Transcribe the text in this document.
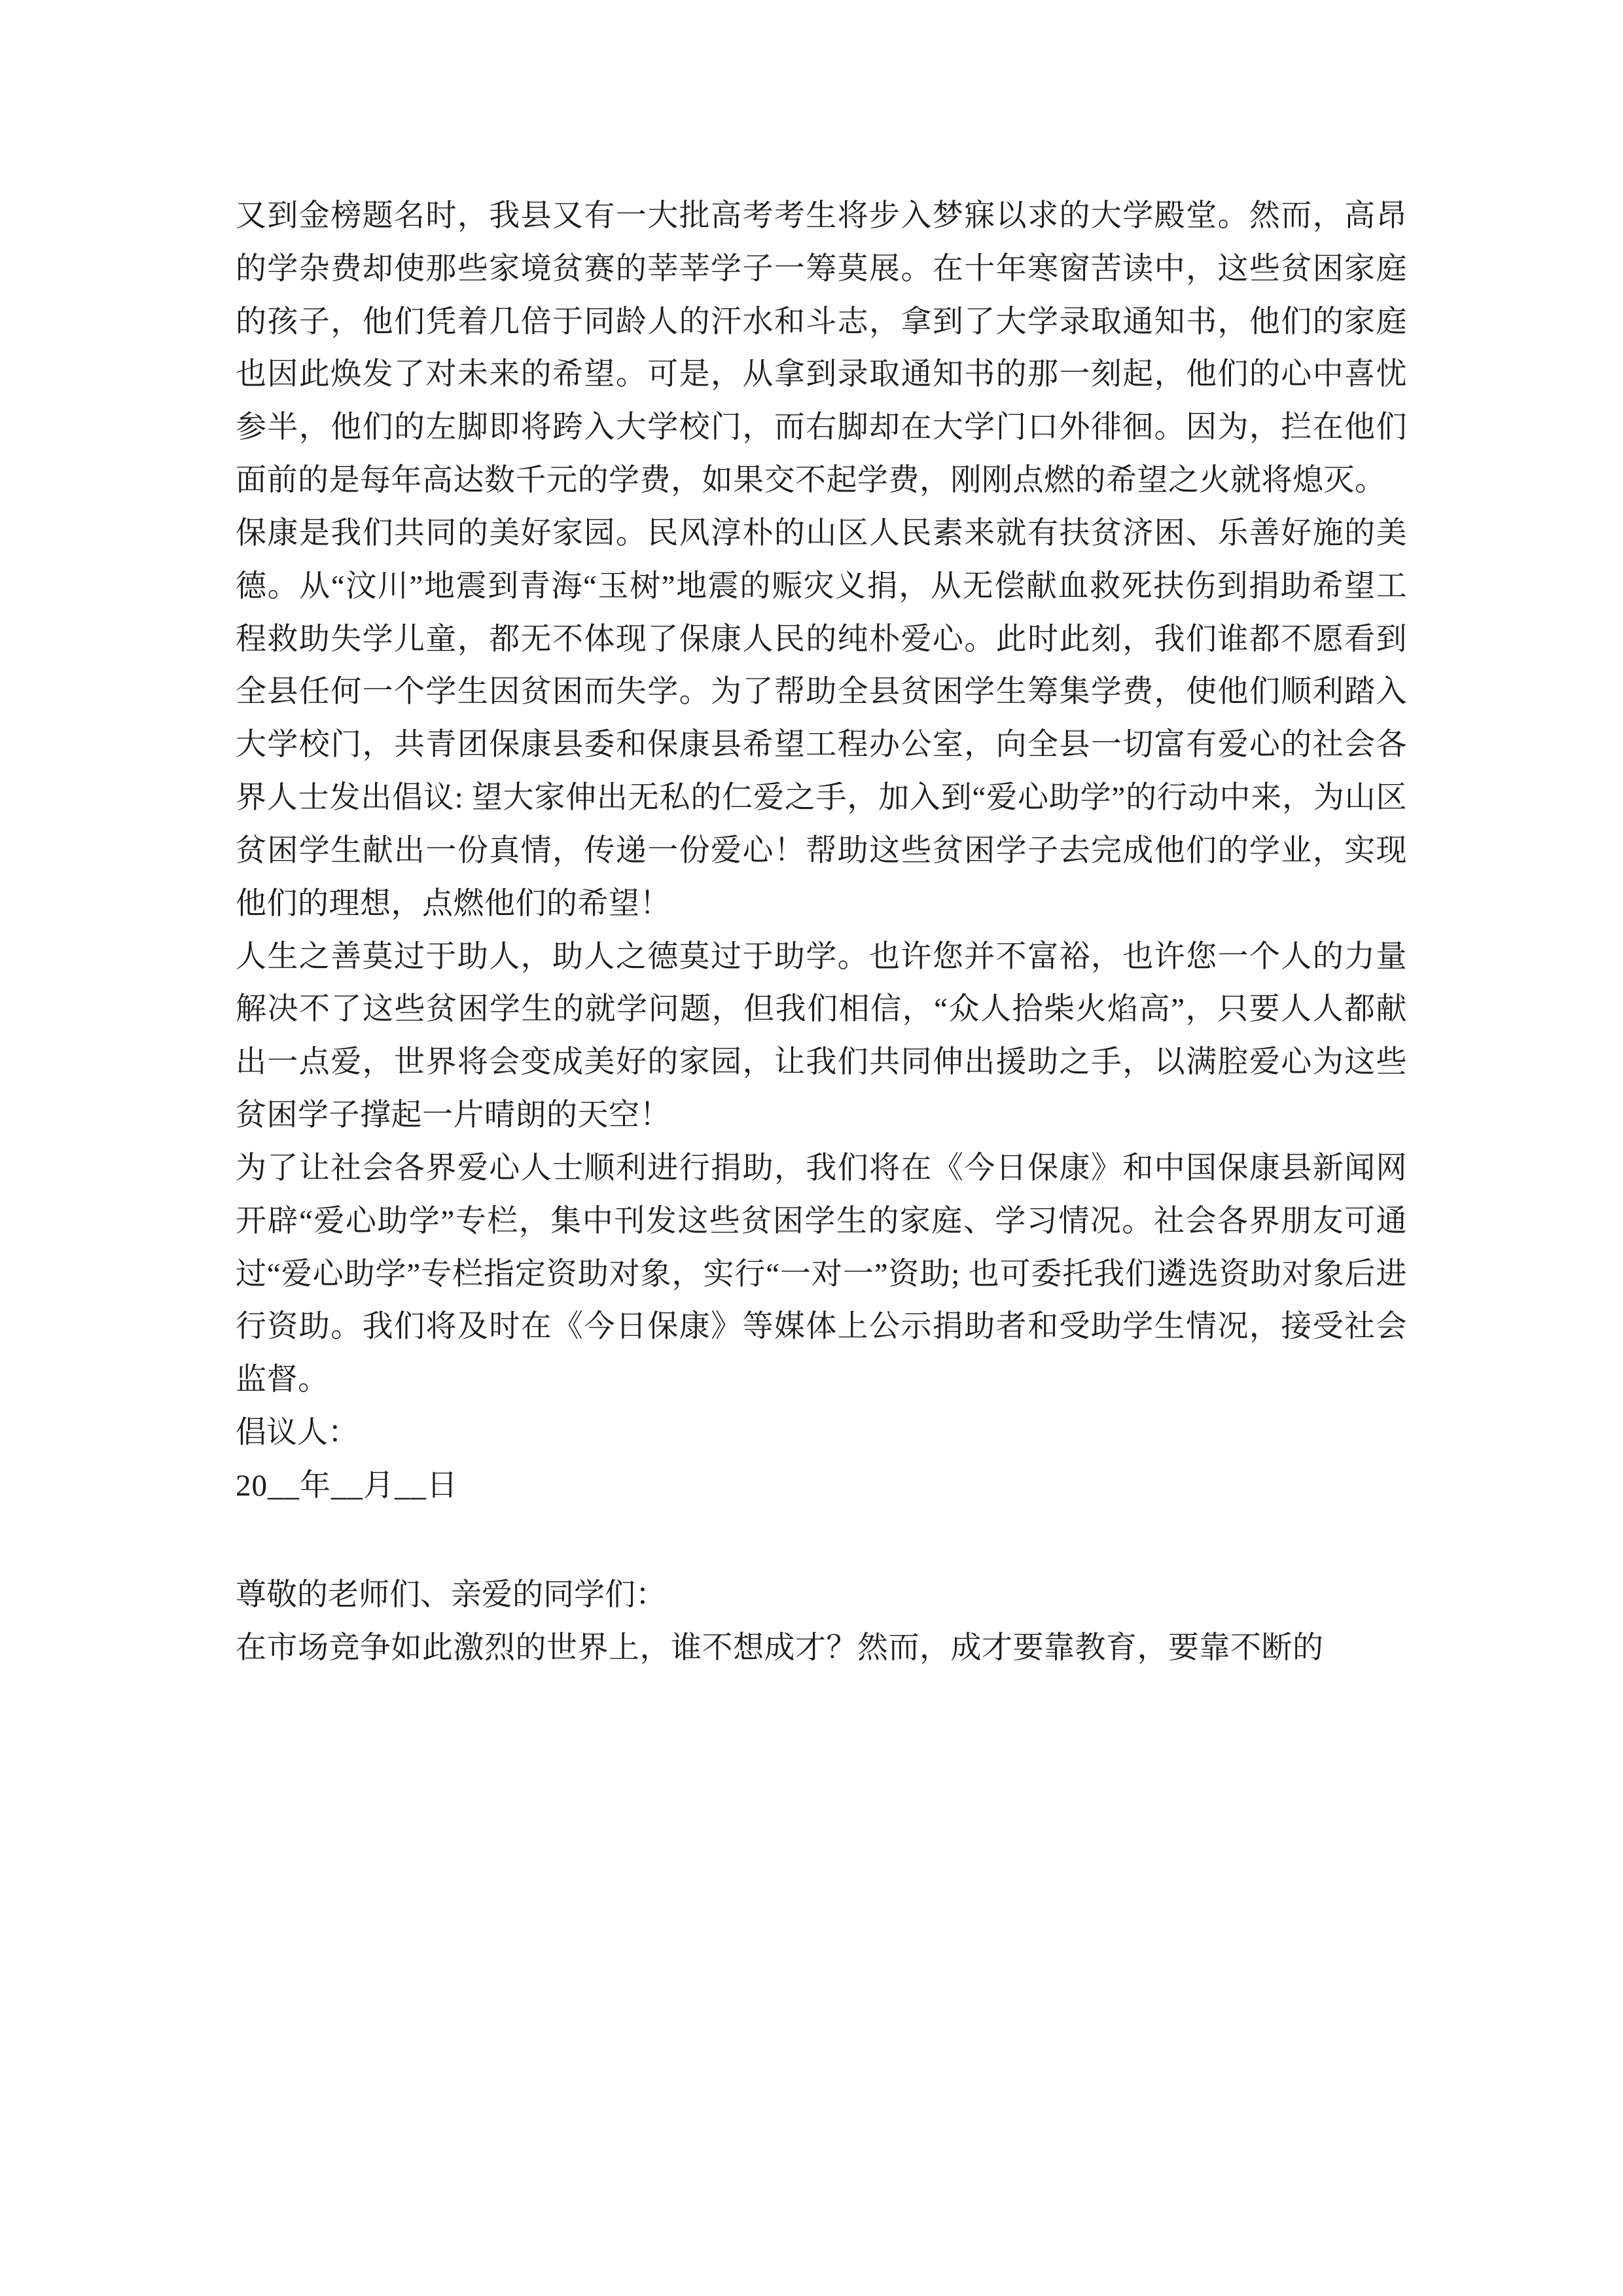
又到金榜题名时，我县又有一大批高考考生将步入梦寐以求的大学殿堂。然而，高昂的学杂费却使那些家境贫赛的莘莘学子一筹莫展。在十年寒窗苦读中，这些贫困家庭的孩子，他们凭着几倍于同龄人的汗水和斗志，拿到了大学录取通知书，他们的家庭也因此焕发了对未来的希望。可是，从拿到录取通知书的那一刻起，他们的心中喜忧参半，他们的左脚即将跨入大学校门，而右脚却在大学门口外徘徊。因为，拦在他们面前的是每年高达数千元的学费，如果交不起学费，刚刚点燃的希望之火就将熄灭。

保康是我们共同的美好家园。民风淳朴的山区人民素来就有扶贫济困、乐善好施的美德。从“汶川”地震到青海“玉树”地震的赈灾义捐，从无偿献血救死扶伤到捐助希望工程救助失学儿童，都无不体现了保康人民的纯朴爱心。此时此刻，我们谁都不愿看到全县任何一个学生因贫困而失学。为了帮助全县贫困学生筹集学费，使他们顺利踏入大学校门，共青团保康县委和保康县希望工程办公室，向全县一切富有爱心的社会各界人士发出倡议: 望大家伸出无私的仁爱之手，加入到“爱心助学”的行动中来，为山区贫困学生献出一份真情，传递一份爱心！帮助这些贫困学子去完成他们的学业，实现他们的理想，点燃他们的希望！

人生之善莫过于助人，助人之德莫过于助学。也许您并不富裕，也许您一个人的力量解决不了这些贫困学生的就学问题，但我们相信，“众人拾柴火焰高”，只要人人都献出一点爱，世界将会变成美好的家园，让我们共同伸出援助之手，以满腔爱心为这些贫困学子撑起一片晴朗的天空！

为了让社会各界爱心人士顺利进行捐助，我们将在《今日保康》和中国保康县新闻网开辟“爱心助学”专栏，集中刊发这些贫困学生的家庭、学习情况。社会各界朋友可通过“爱心助学”专栏指定资助对象，实行“一对一”资助; 也可委托我们遴选资助对象后进行资助。我们将及时在《今日保康》等媒体上公示捐助者和受助学生情况，接受社会监督。

倡议人：

20__年__月__日

尊敬的老师们、亲爱的同学们：

在市场竞争如此激烈的世界上，谁不想成才？然而，成才要靠教育，要靠不断的
